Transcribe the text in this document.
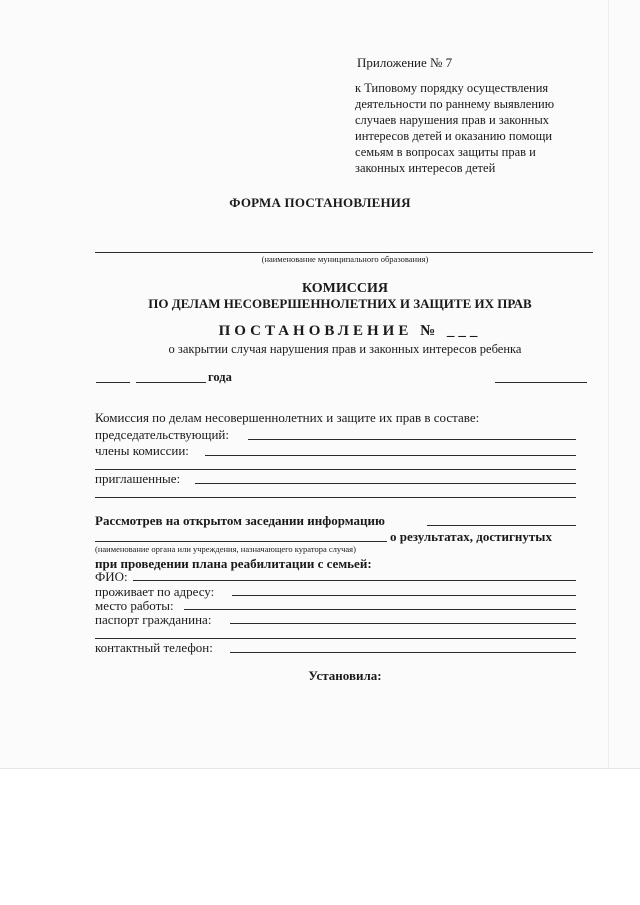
Приложение № 7
к Типовому порядку осуществления
деятельности по раннему выявлению
случаев нарушения прав и законных
интересов детей и оказанию помощи
семьям в вопросах защиты прав и
законных интересов детей
ФОРМА ПОСТАНОВЛЕНИЯ
(наименование муниципального образования)
КОМИССИЯ
ПО ДЕЛАМ НЕСОВЕРШЕННОЛЕТНИХ И ЗАЩИТЕ ИХ ПРАВ
ПОСТАНОВЛЕНИЕ № ___
о закрытии случая нарушения прав и законных интересов ребенка
года
Комиссия по делам несовершеннолетних и защите их прав в составе:
председательствующий:
члены комиссии:
приглашенные:
Рассмотрев на открытом заседании информацию
о результатах, достигнутых
(наименование органа или учреждения, назначающего куратора случая)
при проведении плана реабилитации с семьей:
ФИО:
проживает по адресу:
место работы:
паспорт гражданина:
контактный телефон:
Установила:
